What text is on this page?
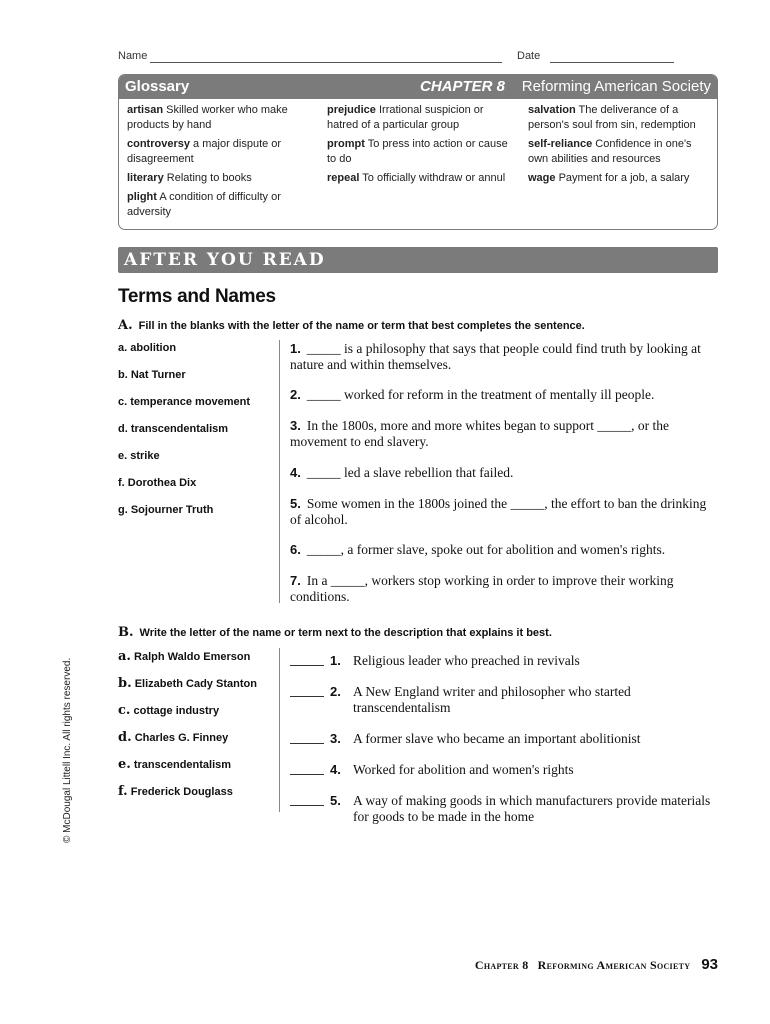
Name	Date
Glossary	CHAPTER 8 Reforming American Society
artisan Skilled worker who make products by hand
controversy a major dispute or disagreement
literary Relating to books
plight A condition of difficulty or adversity
prejudice Irrational suspicion or hatred of a particular group
prompt To press into action or cause to do
repeal To officially withdraw or annul
salvation The deliverance of a person's soul from sin, redemption
self-reliance Confidence in one's own abilities and resources
wage Payment for a job, a salary
AFTER YOU READ
Terms and Names
A. Fill in the blanks with the letter of the name or term that best completes the sentence.
a. abolition
b. Nat Turner
c. temperance movement
d. transcendentalism
e. strike
f. Dorothea Dix
g. Sojourner Truth
1. _____ is a philosophy that says that people could find truth by looking at nature and within themselves.
2. _____ worked for reform in the treatment of mentally ill people.
3. In the 1800s, more and more whites began to support _____, or the movement to end slavery.
4. _____ led a slave rebellion that failed.
5. Some women in the 1800s joined the _____, the effort to ban the drinking of alcohol.
6. _____, a former slave, spoke out for abolition and women's rights.
7. In a _____, workers stop working in order to improve their working conditions.
B. Write the letter of the name or term next to the description that explains it best.
a. Ralph Waldo Emerson
b. Elizabeth Cady Stanton
c. cottage industry
d. Charles G. Finney
e. transcendentalism
f. Frederick Douglass
1. Religious leader who preached in revivals
2. A New England writer and philosopher who started transcendentalism
3. A former slave who became an important abolitionist
4. Worked for abolition and women's rights
5. A way of making goods in which manufacturers provide materials for goods to be made in the home
© McDougal Littell Inc. All rights reserved.
Chapter 8 Reforming American Society 93
